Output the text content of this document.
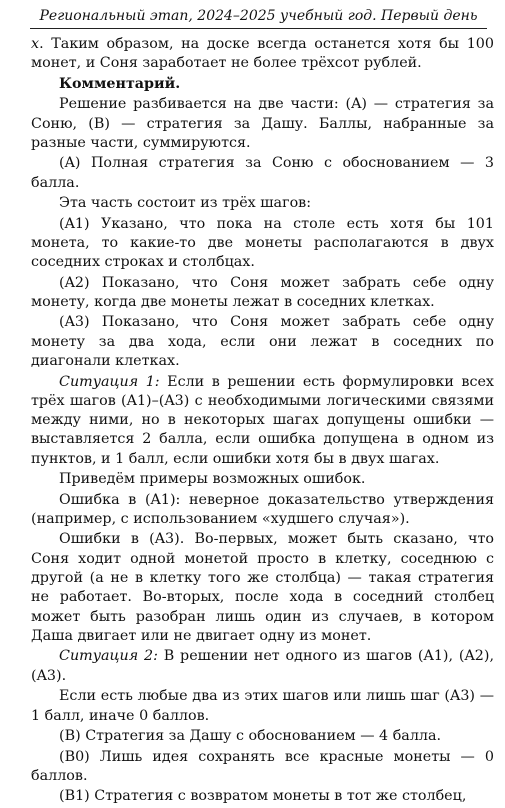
Региональный этап, 2024–2025 учебный год. Первый день

x. Таким образом, на доске всегда останется хотя бы 100 монет, и Соня заработает не более трёхсот рублей.

Комментарий.

Решение разбивается на две части: (A) — стратегия за Соню, (B) — стратегия за Дашу. Баллы, набранные за разные части, суммируются.

(A) Полная стратегия за Соню с обоснованием — 3 балла.

Эта часть состоит из трёх шагов:

(A1) Указано, что пока на столе есть хотя бы 101 монета, то какие-то две монеты располагаются в двух соседних строках и столбцах.

(A2) Показано, что Соня может забрать себе одну монету, когда две монеты лежат в соседних клетках.

(A3) Показано, что Соня может забрать себе одну монету за два хода, если они лежат в соседних по диагонали клетках.

Ситуация 1: Если в решении есть формулировки всех трёх шагов (A1)–(A3) с необходимыми логическими связями между ними, но в некоторых шагах допущены ошибки — выставляется 2 балла, если ошибка допущена в одном из пунктов, и 1 балл, если ошибки хотя бы в двух шагах.

Приведём примеры возможных ошибок.

Ошибка в (A1): неверное доказательство утверждения (например, с использованием «худшего случая»).

Ошибки в (A3). Во-первых, может быть сказано, что Соня ходит одной монетой просто в клетку, соседнюю с другой (а не в клетку того же столбца) — такая стратегия не работает. Во-вторых, после хода в соседний столбец может быть разобран лишь один из случаев, в котором Даша двигает или не двигает одну из монет.

Ситуация 2: В решении нет одного из шагов (A1), (A2), (A3).

Если есть любые два из этих шагов или лишь шаг (A3) — 1 балл, иначе 0 баллов.

(B) Стратегия за Дашу с обоснованием — 4 балла.

(B0) Лишь идея сохранять все красные монеты — 0 баллов.

(B1) Стратегия с возвратом монеты в тот же столбец,
